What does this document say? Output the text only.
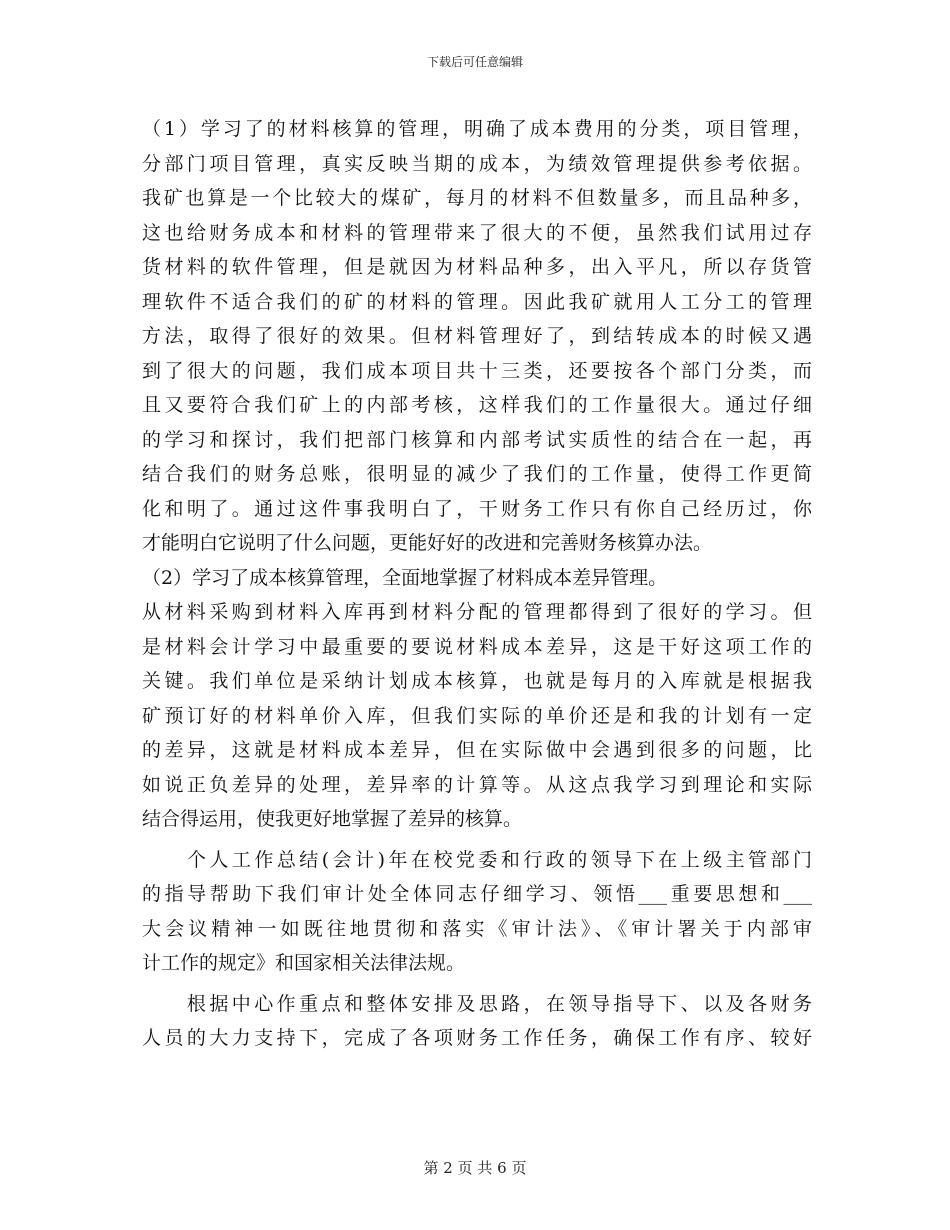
下载后可任意编辑
（1）学习了的材料核算的管理，明确了成本费用的分类，项目管理，
分部门项目管理，真实反映当期的成本，为绩效管理提供参考依据。
我矿也算是一个比较大的煤矿，每月的材料不但数量多，而且品种多，
这也给财务成本和材料的管理带来了很大的不便，虽然我们试用过存
货材料的软件管理，但是就因为材料品种多，出入平凡，所以存货管
理软件不适合我们的矿的材料的管理。因此我矿就用人工分工的管理
方法，取得了很好的效果。但材料管理好了，到结转成本的时候又遇
到了很大的问题，我们成本项目共十三类，还要按各个部门分类，而
且又要符合我们矿上的内部考核，这样我们的工作量很大。通过仔细
的学习和探讨，我们把部门核算和内部考试实质性的结合在一起，再
结合我们的财务总账，很明显的减少了我们的工作量，使得工作更简
化和明了。通过这件事我明白了，干财务工作只有你自己经历过，你
才能明白它说明了什么问题，更能好好的改进和完善财务核算办法。
（2）学习了成本核算管理，全面地掌握了材料成本差异管理。
从材料采购到材料入库再到材料分配的管理都得到了很好的学习。但
是材料会计学习中最重要的要说材料成本差异，这是干好这项工作的
关键。我们单位是采纳计划成本核算，也就是每月的入库就是根据我
矿预订好的材料单价入库，但我们实际的单价还是和我的计划有一定
的差异，这就是材料成本差异，但在实际做中会遇到很多的问题，比
如说正负差异的处理，差异率的计算等。从这点我学习到理论和实际
结合得运用，使我更好地掌握了差异的核算。
　　个人工作总结(会计)年在校党委和行政的领导下在上级主管部门
的指导帮助下我们审计处全体同志仔细学习、领悟___重要思想和___
大会议精神一如既往地贯彻和落实《审计法》、《审计署关于内部审
计工作的规定》和国家相关法律法规。
　　根据中心作重点和整体安排及思路，在领导指导下、以及各财务
人员的大力支持下，完成了各项财务工作任务，确保工作有序、较好
第 2 页 共 6 页
